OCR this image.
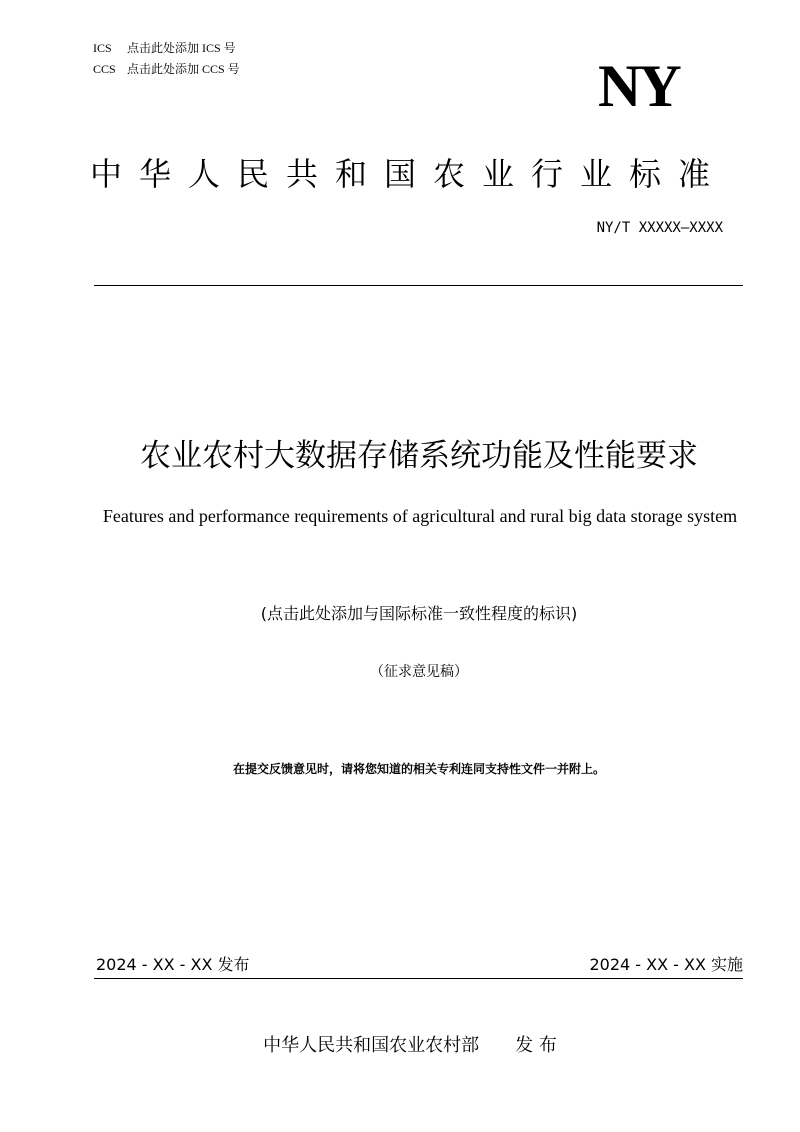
ICS 点击此处添加 ICS 号
CCS 点击此处添加 CCS 号	NY
中华人民共和国农业行业标准
NY/T XXXXX—XXXX
农业农村大数据存储系统功能及性能要求
Features and performance requirements of agricultural and rural big data storage system
(点击此处添加与国际标准一致性程度的标识)
（征求意见稿）
在提交反馈意见时，请将您知道的相关专利连同支持性文件一并附上。
2024 - XX - XX 发布	2024 - XX - XX 实施
中华人民共和国农业农村部 发 布
